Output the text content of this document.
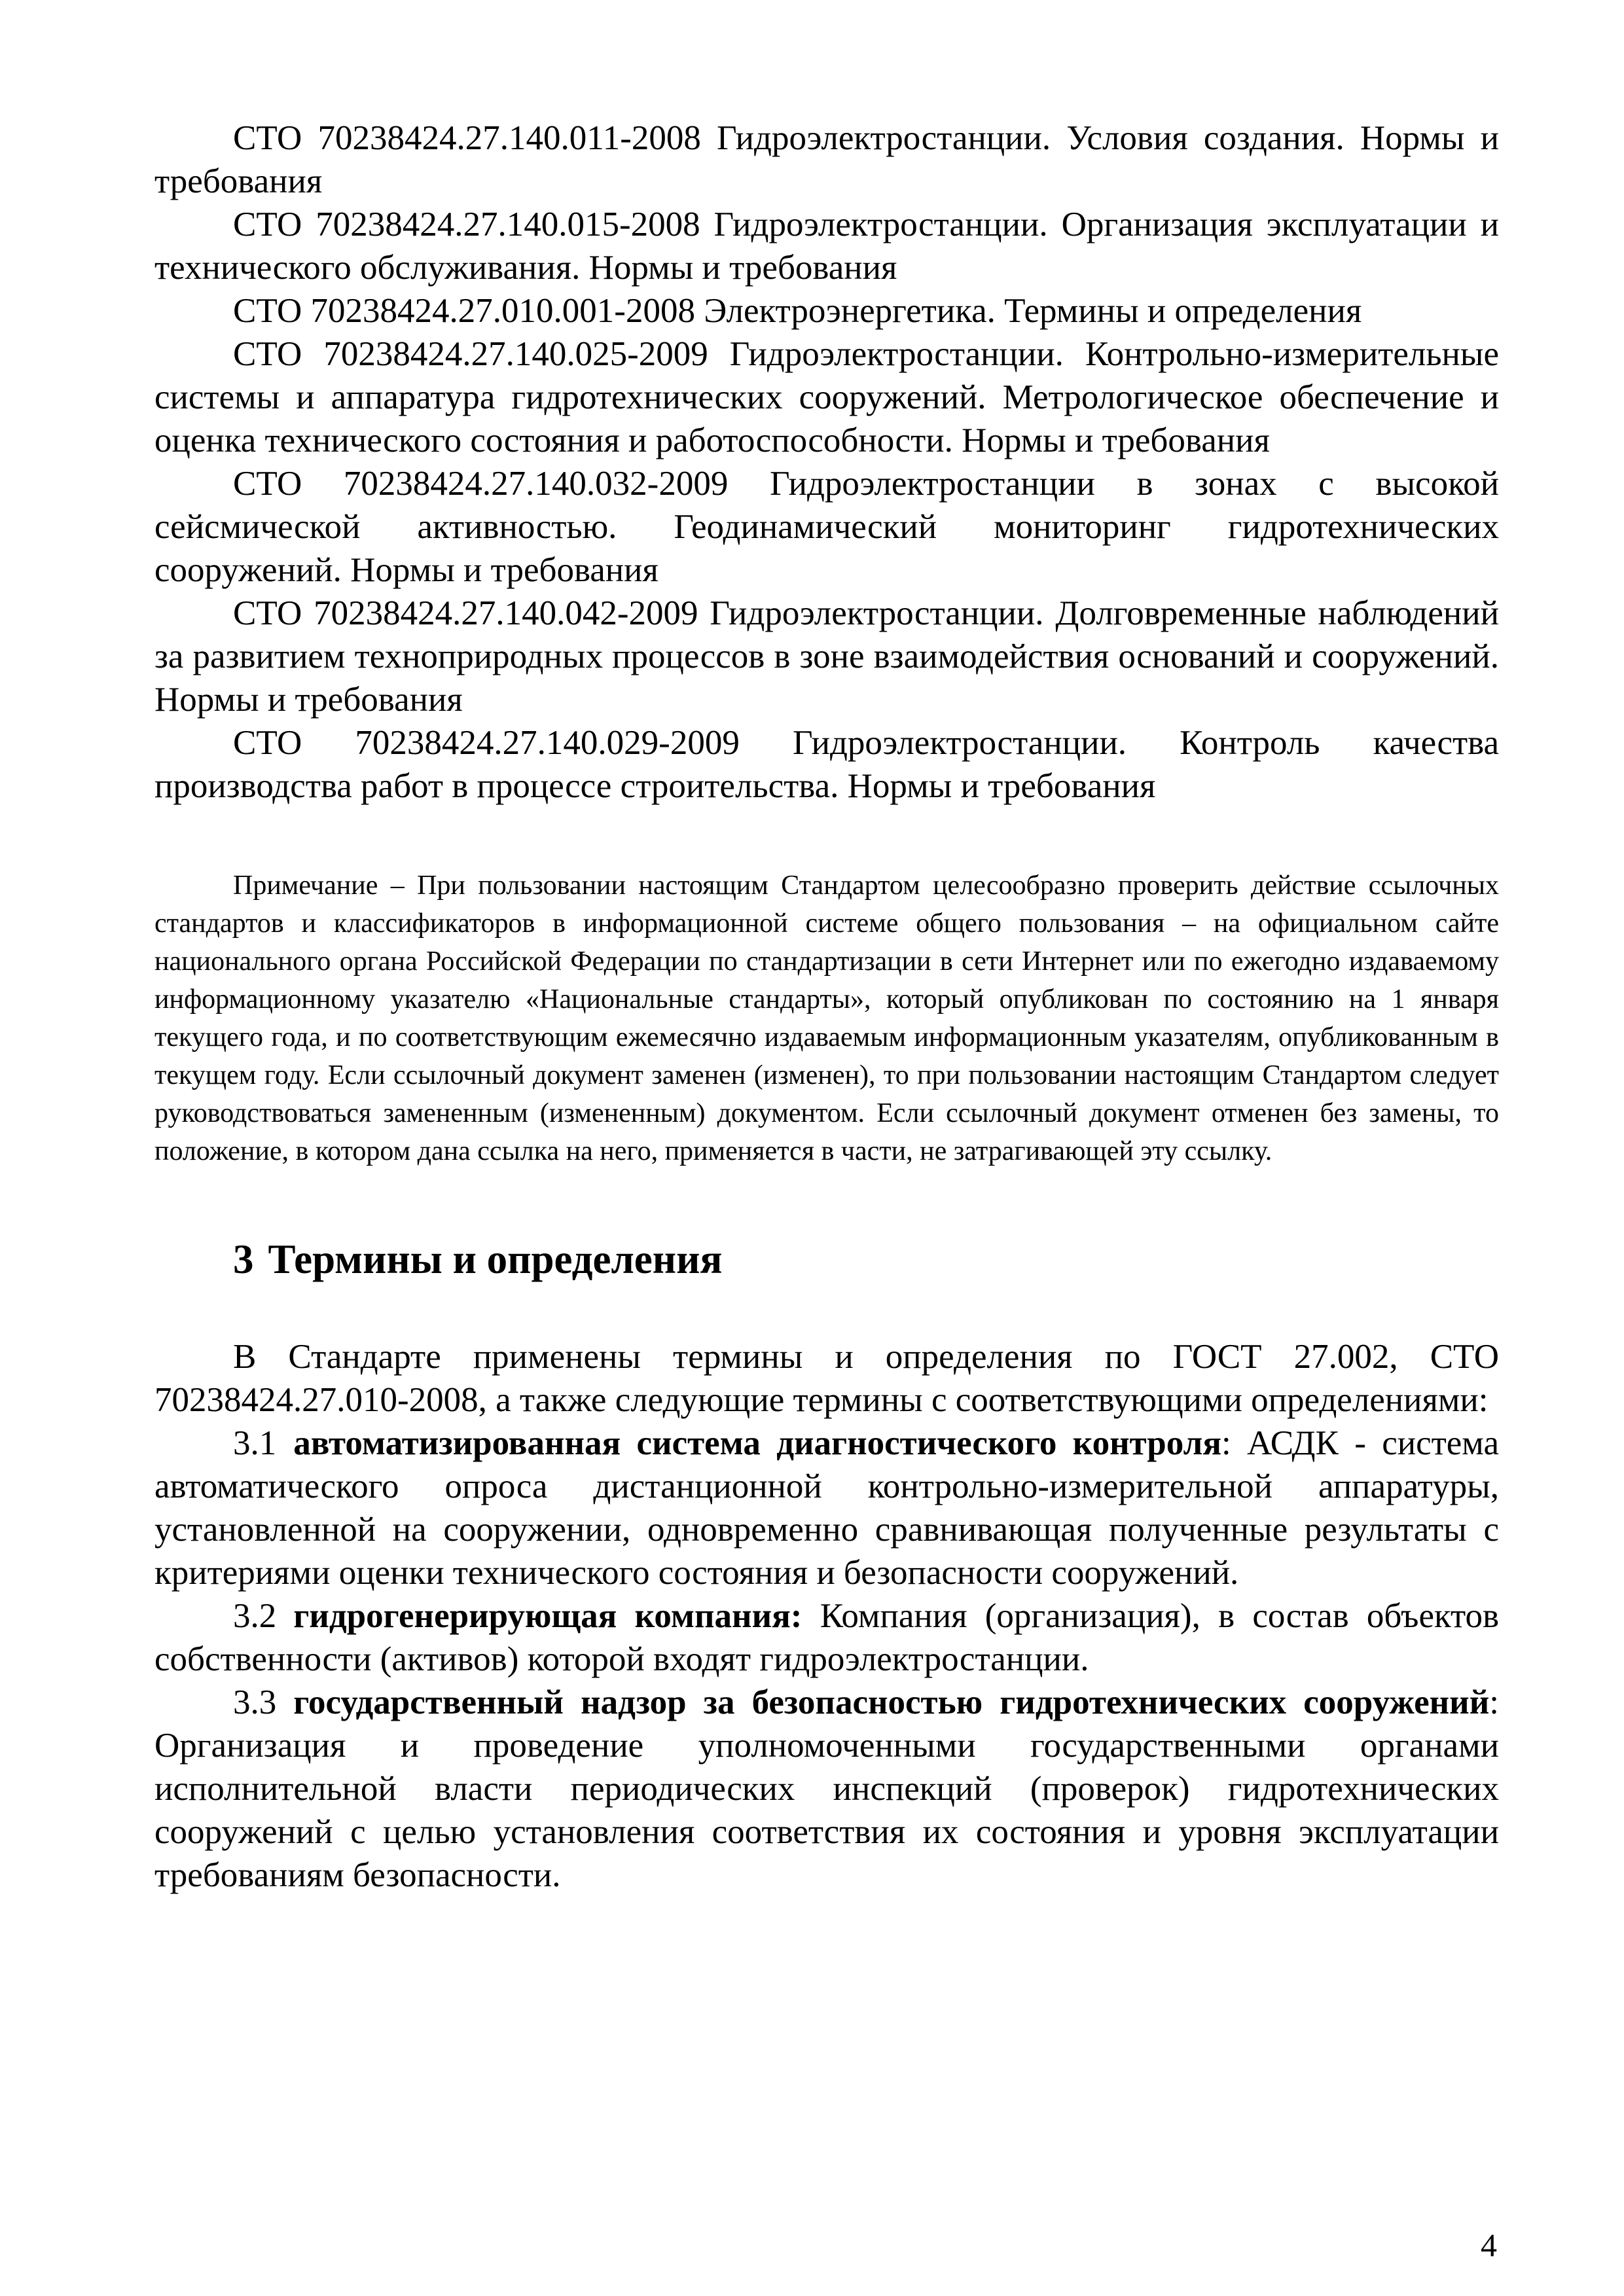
СТО 70238424.27.140.011-2008 Гидроэлектростанции. Условия создания. Нормы и требования

СТО 70238424.27.140.015-2008 Гидроэлектростанции. Организация эксплуатации и технического обслуживания. Нормы и требования

СТО 70238424.27.010.001-2008 Электроэнергетика. Термины и определения

СТО 70238424.27.140.025-2009 Гидроэлектростанции. Контрольно-измерительные системы и аппаратура гидротехнических сооружений. Метрологическое обеспечение и оценка технического состояния и работоспособности. Нормы и требования

СТО 70238424.27.140.032-2009 Гидроэлектростанции в зонах с высокой сейсмической активностью. Геодинамический мониторинг гидротехнических сооружений. Нормы и требования

СТО 70238424.27.140.042-2009 Гидроэлектростанции. Долговременные наблюдений за развитием технoприродных процессов в зоне взаимодействия оснований и сооружений. Нормы и требования

СТО 70238424.27.140.029-2009 Гидроэлектростанции. Контроль качества производства работ в процессе строительства. Нормы и требования

Примечание – При пользовании настоящим Стандартом целесообразно проверить действие ссылочных стандартов и классификаторов в информационной системе общего пользования – на официальном сайте национального органа Российской Федерации по стандартизации в сети Интернет или по ежегодно издаваемому информационному указателю «Национальные стандарты», который опубликован по состоянию на 1 января текущего года, и по соответствующим ежемесячно издаваемым информационным указателям, опубликованным в текущем году. Если ссылочный документ заменен (изменен), то при пользовании настоящим Стандартом следует руководствоваться замененным (измененным) документом. Если ссылочный документ отменен без замены, то положение, в котором дана ссылка на него, применяется в части, не затрагивающей эту ссылку.

3 Термины и определения

В Стандарте применены термины и определения по ГОСТ 27.002, СТО 70238424.27.010-2008, а также следующие термины с соответствующими определениями:

3.1 автоматизированная система диагностического контроля: АСДК - система автоматического опроса дистанционной контрольно-измерительной аппаратуры, установленной на сооружении, одновременно сравнивающая полученные результаты с критериями оценки технического состояния и безопасности сооружений.

3.2 гидрогенерирующая компания: Компания (организация), в состав объектов собственности (активов) которой входят гидроэлектростанции.

3.3 государственный надзор за безопасностью гидротехнических сооружений: Организация и проведение уполномоченными государственными органами исполнительной власти периодических инспекций (проверок) гидротехнических сооружений с целью установления соответствия их состояния и уровня эксплуатации требованиям безопасности.

4
